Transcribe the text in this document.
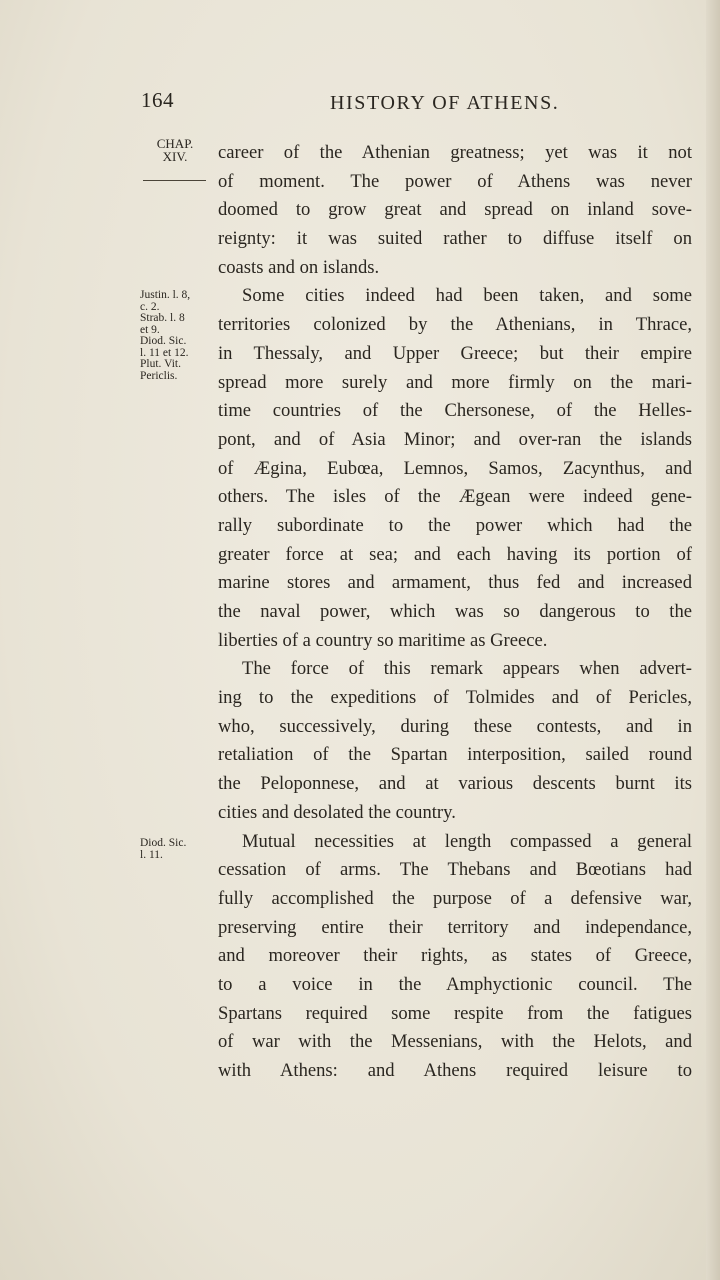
164	HISTORY OF ATHENS.
CHAP.
XIV.
Justin. l. 8,
c. 2.
Strab. l. 8
et 9.
Diod. Sic.
l. 11 et 12.
Plut. Vit.
Periclis.
Diod. Sic.
l. 11.
career of the Athenian greatness; yet was it not
of moment. The power of Athens was never
doomed to grow great and spread on inland sove-
reignty: it was suited rather to diffuse itself on
coasts and on islands.
Some cities indeed had been taken, and some
territories colonized by the Athenians, in Thrace,
in Thessaly, and Upper Greece; but their empire
spread more surely and more firmly on the mari-
time countries of the Chersonese, of the Helles-
pont, and of Asia Minor; and over-ran the islands
of Ægina, Eubœa, Lemnos, Samos, Zacynthus, and
others. The isles of the Ægean were indeed gene-
rally subordinate to the power which had the
greater force at sea; and each having its portion of
marine stores and armament, thus fed and increased
the naval power, which was so dangerous to the
liberties of a country so maritime as Greece.
The force of this remark appears when advert-
ing to the expeditions of Tolmides and of Pericles,
who, successively, during these contests, and in
retaliation of the Spartan interposition, sailed round
the Peloponnese, and at various descents burnt its
cities and desolated the country.
Mutual necessities at length compassed a general
cessation of arms. The Thebans and Bœotians had
fully accomplished the purpose of a defensive war,
preserving entire their territory and independance,
and moreover their rights, as states of Greece,
to a voice in the Amphyctionic council. The
Spartans required some respite from the fatigues
of war with the Messenians, with the Helots, and
with Athens: and Athens required leisure to
